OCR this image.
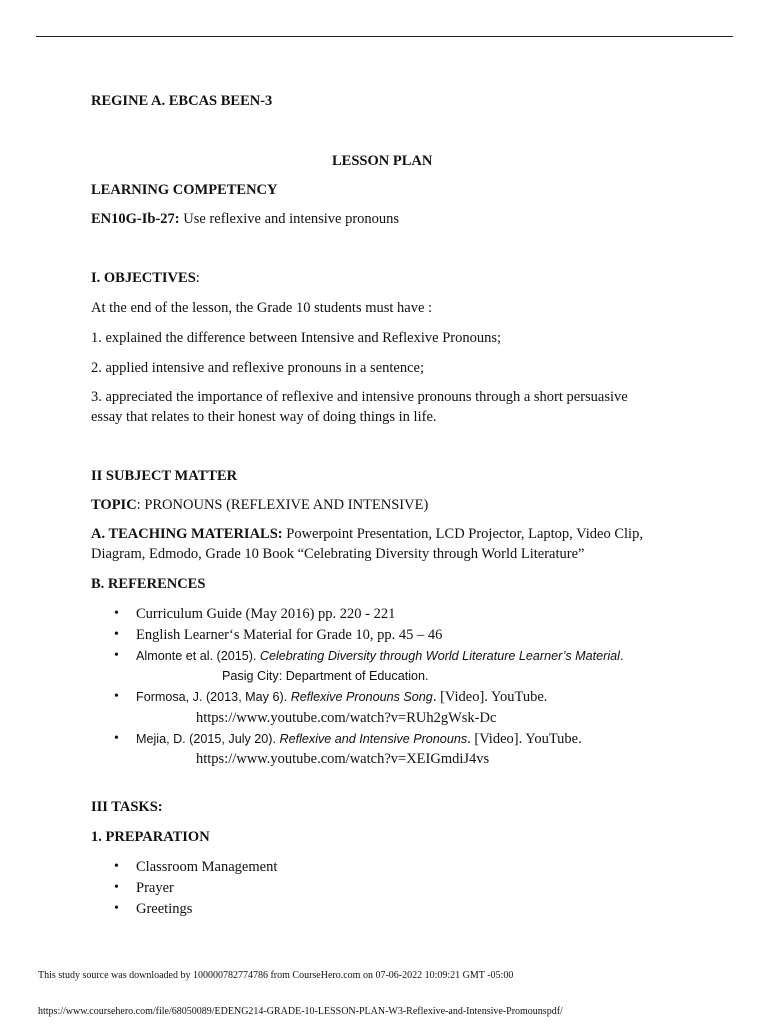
REGINE A. EBCAS BEEN-3
LESSON PLAN
LEARNING COMPETENCY
EN10G-Ib-27: Use reflexive and intensive pronouns
I. OBJECTIVES:
At the end of the lesson, the Grade 10 students must have :
1. explained the difference between Intensive and Reflexive Pronouns;
2. applied intensive and reflexive pronouns in a sentence;
3. appreciated the importance of reflexive and intensive pronouns through a short persuasive
essay that relates to their honest way of doing things in life.
II SUBJECT MATTER
TOPIC: PRONOUNS (REFLEXIVE AND INTENSIVE)
A. TEACHING MATERIALS: Powerpoint Presentation, LCD Projector, Laptop, Video Clip,
Diagram, Edmodo, Grade 10 Book “Celebrating Diversity through World Literature”
B. REFERENCES
• Curriculum Guide (May 2016) pp. 220 - 221
• English Learner‘s Material for Grade 10, pp. 45 – 46
• Almonte et al. (2015). Celebrating Diversity through World Literature Learner’s Material.
Pasig City: Department of Education.
• Formosa, J. (2013, May 6). Reflexive Pronouns Song. [Video]. YouTube.
https://www.youtube.com/watch?v=RUh2gWsk-Dc
• Mejia, D. (2015, July 20). Reflexive and Intensive Pronouns. [Video]. YouTube.
https://www.youtube.com/watch?v=XEIGmdiJ4vs
III TASKS:
1. PREPARATION
• Classroom Management
• Prayer
• Greetings
This study source was downloaded by 100000782774786 from CourseHero.com on 07-06-2022 10:09:21 GMT -05:00
https://www.coursehero.com/file/68050089/EDENG214-GRADE-10-LESSON-PLAN-W3-Reflexive-and-Intensive-Promounspdf/
